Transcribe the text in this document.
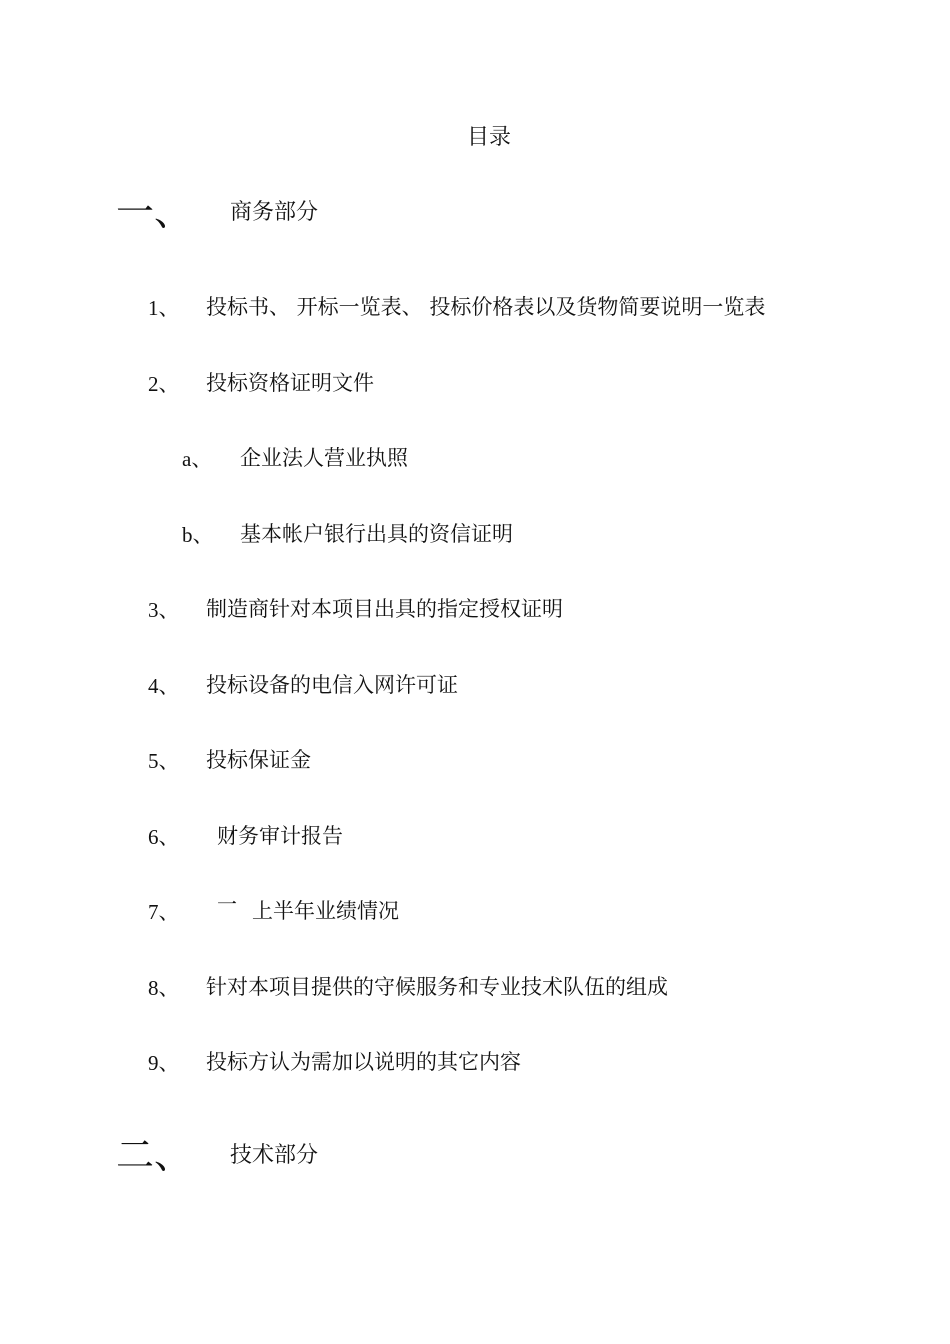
目录
一、 商务部分
1、 投标书、 开标一览表、 投标价格表以及货物简要说明一览表
2、 投标资格证明文件
a、 企业法人营业执照
b、 基本帐户银行出具的资信证明
3、 制造商针对本项目出具的指定授权证明
4、 投标设备的电信入网许可证
5、 投标保证金
6、 财务审计报告
7、 一 上半年业绩情况
8、 针对本项目提供的守候服务和专业技术队伍的组成
9、 投标方认为需加以说明的其它内容
二、 技术部分
